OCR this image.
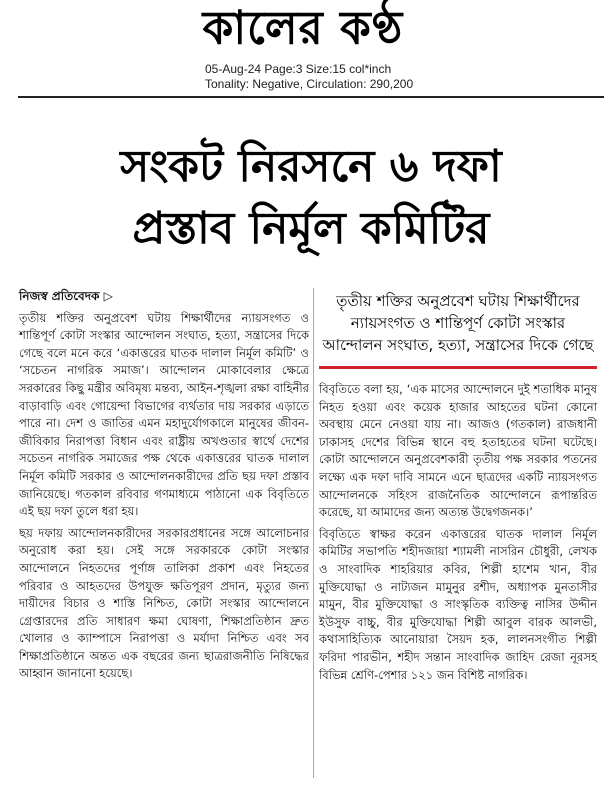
কালের কণ্ঠ
05-Aug-24 Page:3 Size:15 col*inch
Tonality: Negative, Circulation: 290,200
সংকট নিরসনে ৬ দফা
প্রস্তাব নির্মূল কমিটির
নিজস্ব প্রতিবেদক ▷

তৃতীয় শক্তির অনুপ্রবেশ ঘটায় শিক্ষার্থীদের ন্যায়সংগত ও শান্তিপূর্ণ কোটা সংস্কার আন্দোলন সংঘাত, হত্যা, সন্ত্রাসের দিকে গেছে বলে মনে করে ‘একাত্তরের ঘাতক দালাল নির্মূল কমিটি’ ও ‘সচেতন নাগরিক সমাজ’। আন্দোলন মোকাবেলার ক্ষেত্রে সরকারের কিছু মন্ত্রীর অবিমৃষ্য মন্তব্য, আইন-শৃঙ্খলা রক্ষা বাহিনীর বাড়াবাড়ি এবং গোয়েন্দা বিভাগের ব্যর্থতার দায় সরকার এড়াতে পারে না। দেশ ও জাতির এমন মহাদুর্যোগকালে মানুষের জীবন-জীবিকার নিরাপত্তা বিধান এবং রাষ্ট্রীয় অখণ্ডতার স্বার্থে দেশের সচেতন নাগরিক সমাজের পক্ষ থেকে একাত্তরের ঘাতক দালাল নির্মূল কমিটি সরকার ও আন্দোলনকারীদের প্রতি ছয় দফা প্রস্তাব জানিয়েছে। গতকাল রবিবার গণমাধ্যমে পাঠানো এক বিবৃতিতে এই ছয় দফা তুলে ধরা হয়।

ছয় দফায় আন্দোলনকারীদের সরকারপ্রধানের সঙ্গে আলোচনার অনুরোধ করা হয়। সেই সঙ্গে সরকারকে কোটা সংস্কার আন্দোলনে নিহতদের পূর্ণাঙ্গ তালিকা প্রকাশ এবং নিহতের পরিবার ও আহতদের উপযুক্ত ক্ষতিপূরণ প্রদান, মৃত্যুর জন্য দায়ীদের বিচার ও শাস্তি নিশ্চিত, কোটা সংস্কার আন্দোলনে গ্রেপ্তারদের প্রতি সাধারণ ক্ষমা ঘোষণা, শিক্ষাপ্রতিষ্ঠান দ্রুত খোলার ও ক্যাম্পাসে নিরাপত্তা ও মর্যাদা নিশ্চিত এবং সব শিক্ষাপ্রতিষ্ঠানে অন্তত এক বছরের জন্য ছাত্ররাজনীতি নিষিদ্ধের আহ্বান জানানো হয়েছে।

তৃতীয় শক্তির অনুপ্রবেশ ঘটায় শিক্ষার্থীদের ন্যায়সংগত ও শান্তিপূর্ণ কোটা সংস্কার আন্দোলন সংঘাত, হত্যা, সন্ত্রাসের দিকে গেছে

বিবৃতিতে বলা হয়, ‘এক মাসের আন্দোলনে দুই শতাধিক মানুষ নিহত হওয়া এবং কয়েক হাজার আহতের ঘটনা কোনো অবস্থায় মেনে নেওয়া যায় না। আজও (গতকাল) রাজধানী ঢাকাসহ দেশের বিভিন্ন স্থানে বহু হতাহতের ঘটনা ঘটেছে। কোটা আন্দোলনে অনুপ্রবেশকারী তৃতীয় পক্ষ সরকার পতনের লক্ষ্যে এক দফা দাবি সামনে এনে ছাত্রদের একটি ন্যায়সংগত আন্দোলনকে সহিংস রাজনৈতিক আন্দোলনে রূপান্তরিত করেছে, যা আমাদের জন্য অত্যন্ত উদ্বেগজনক।’

বিবৃতিতে স্বাক্ষর করেন একাত্তরের ঘাতক দালাল নির্মূল কমিটির সভাপতি শহীদজায়া শ্যামলী নাসরিন চৌধুরী, লেখক ও সাংবাদিক শাহরিয়ার কবির, শিল্পী হাশেম খান, বীর মুক্তিযোদ্ধা ও নাট্যজন মামুনুর রশীদ, অধ্যাপক মুনতাসীর মামুন, বীর মুক্তিযোদ্ধা ও সাংস্কৃতিক ব্যক্তিত্ব নাসির উদ্দীন ইউসুফ বাচ্চু, বীর মুক্তিযোদ্ধা শিল্পী আবুল বারক আলভী, কথাসাহিত্যিক আনোয়ারা সৈয়দ হক, লালনসংগীত শিল্পী ফরিদা পারভীন, শহীদ সন্তান সাংবাদিক জাহিদ রেজা নূরসহ বিভিন্ন শ্রেণি-পেশার ১২১ জন বিশিষ্ট নাগরিক।
